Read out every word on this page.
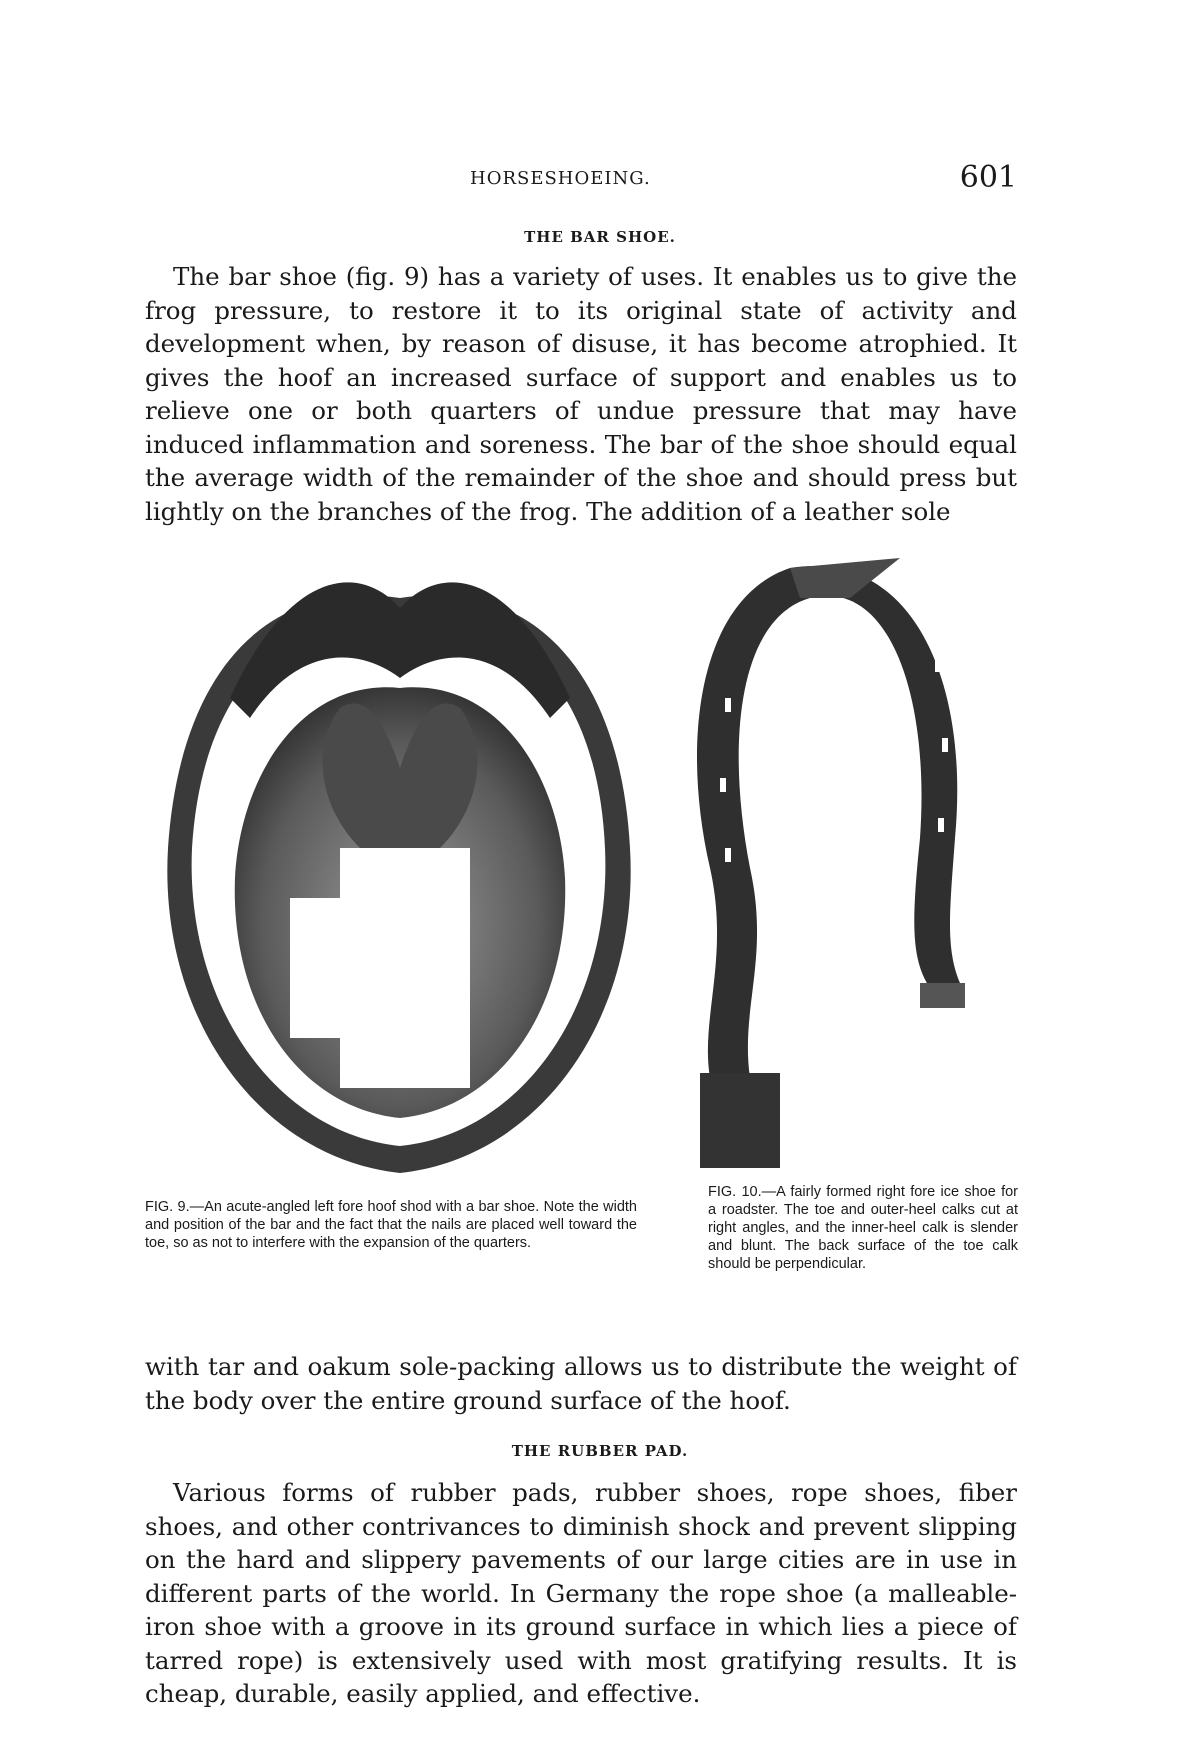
HORSESHOEING.	601
THE BAR SHOE.

The bar shoe (fig. 9) has a variety of uses. It enables us to give the frog pressure, to restore it to its original state of activity and development when, by reason of disuse, it has become atrophied. It gives the hoof an increased surface of support and enables us to relieve one or both quarters of undue pressure that may have induced inflammation and soreness. The bar of the shoe should equal the average width of the remainder of the shoe and should press but lightly on the branches of the frog. The addition of a leather sole

FIG. 9.—An acute-angled left fore hoof shod with a bar shoe. Note the width and position of the bar and the fact that the nails are placed well toward the toe, so as not to interfere with the expansion of the quarters.

FIG. 10.—A fairly formed right fore ice shoe for a roadster. The toe and outer-heel calks cut at right angles, and the inner-heel calk is slender and blunt. The back surface of the toe calk should be perpendicular.

with tar and oakum sole-packing allows us to distribute the weight of the body over the entire ground surface of the hoof.

THE RUBBER PAD.

Various forms of rubber pads, rubber shoes, rope shoes, fiber shoes, and other contrivances to diminish shock and prevent slipping on the hard and slippery pavements of our large cities are in use in different parts of the world. In Germany the rope shoe (a malleable-iron shoe with a groove in its ground surface in which lies a piece of tarred rope) is extensively used with most gratifying results. It is cheap, durable, easily applied, and effective.
